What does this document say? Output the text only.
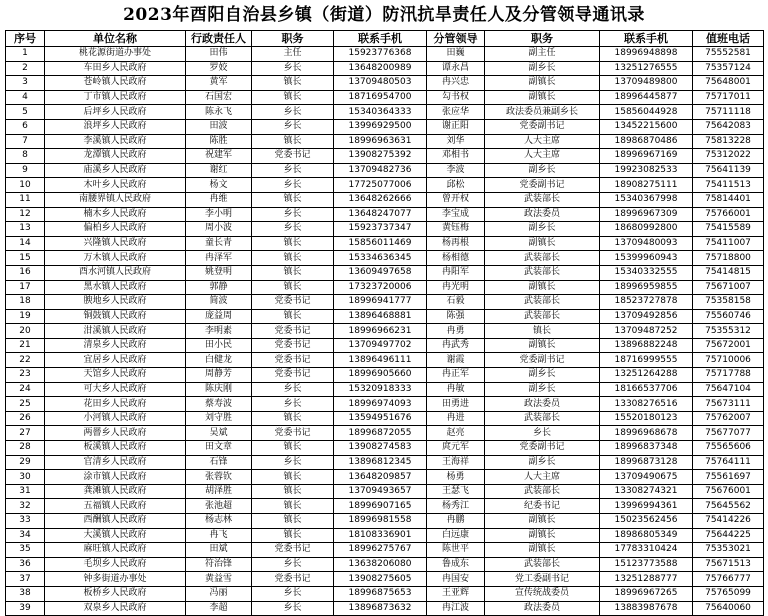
2023年酉阳自治县乡镇（街道）防汛抗旱责任人及分管领导通讯录
序号	单位名称	行政责任人	职务	联系手机	分管领导	职务	联系手机	值班电话
1	桃花源街道办事处	田伟	主任	15923776368	田巍	副主任	18996948898	75552581
2	车田乡人民政府	罗姣	乡长	13648200989	谭永昌	副乡长	13251276555	75357124
3	苍岭镇人民政府	黄军	镇长	13709480503	冉兴忠	副镇长	13709489800	75648001
4	丁市镇人民政府	石国宏	镇长	18716954700	勾书权	副镇长	18996445877	75717011
5	后坪乡人民政府	陈永飞	乡长	15340364333	张应华	政法委员兼副乡长	15856044928	75711118
6	浪坪乡人民政府	田波	乡长	13996929500	谢正阳	党委副书记	13452215600	75642083
7	李溪镇人民政府	陈胜	镇长	18996963631	刘华	人大主席	18986870486	75813228
8	龙潭镇人民政府	祝建军	党委书记	13908275392	邓相书	人大主席	18996967169	75312022
9	庙溪乡人民政府	谢红	乡长	13709482736	李波	副乡长	19923082533	75641139
10	木叶乡人民政府	杨文	乡长	17725077006	邱松	党委副书记	18908275111	75411513
11	南腰界镇人民政府	冉维	镇长	13648262666	曾开权	武装部长	15340367998	75814401
12	楠木乡人民政府	李小明	乡长	13648247077	李宝成	政法委员	18996967309	75766001
13	偏柏乡人民政府	周小波	乡长	15923737347	黄钰梅	副乡长	18680992800	75415589
14	兴隆镇人民政府	童长青	镇长	15856011469	杨再根	副镇长	13709480093	75411007
15	万木镇人民政府	冉泽军	镇长	15334636345	杨相德	武装部长	15399960943	75718800
16	酉水河镇人民政府	姚登明	镇长	13609497658	冉阳军	武装部长	15340332555	75414815
17	黑水镇人民政府	郭静	镇长	17323720006	冉光明	副镇长	18996959855	75671007
18	腴地乡人民政府	简波	党委书记	18996941777	石毅	武装部长	18523727878	75358158
19	铜鼓镇人民政府	庞益周	镇长	13896468881	陈强	武装部长	13709492856	75560746
20	泔溪镇人民政府	李明素	党委书记	18996966231	冉勇	镇长	13709487252	75355312
21	清泉乡人民政府	田小民	党委书记	13709497702	冉武秀	副镇长	13896882248	75672001
22	宜居乡人民政府	白健龙	党委书记	13896496111	谢霞	党委副书记	18716999555	75710006
23	天馆乡人民政府	周静芳	党委书记	18996905660	冉正军	副乡长	13251264288	75717788
24	可大乡人民政府	陈庆刚	乡长	15320918333	冉敏	副乡长	18166537706	75647104
25	花田乡人民政府	蔡寿波	乡长	18996974093	田勇进	政法委员	13308276516	75673111
26	小河镇人民政府	刘守胜	镇长	13594951676	冉进	武装部长	15520180123	75762007
27	两罾乡人民政府	吴斌	党委书记	18996872055	赵亮	乡长	18996968678	75677077
28	板溪镇人民政府	田文章	镇长	13908274583	庹元军	党委副书记	18996837348	75565606
29	官清乡人民政府	石锋	乡长	13896812345	王海祥	副乡长	18996873128	75764111
30	涂市镇人民政府	张蓉钦	镇长	13648209857	杨勇	人大主席	13709490675	75561697
31	龚滩镇人民政府	胡泽胜	镇长	13709493657	王瑟飞	武装部长	13308274321	75676001
32	五福镇人民政府	张池超	镇长	18996907165	杨秀江	纪委书记	13996994361	75645562
33	西酬镇人民政府	杨志林	镇长	18996981558	冉鹏	副镇长	15023562456	75414226
34	大溪镇人民政府	冉飞	镇长	18108336901	白远康	副镇长	18986805349	75644225
35	麻旺镇人民政府	田斌	党委书记	18996275767	陈世平	副镇长	17783310424	75353021
36	毛坝乡人民政府	符治锋	乡长	13638206080	鲁成东	武装部长	15123773588	75671513
37	钟多街道办事处	黄益雪	党委书记	13908275605	冉国安	党工委副书记	13251288777	75766777
38	板桥乡人民政府	冯丽	乡长	18996875653	王亚辉	宣传统战委员	18996967265	75765099
39	双泉乡人民政府	李超	乡长	13896873632	冉江波	政法委员	13883987678	75640060
